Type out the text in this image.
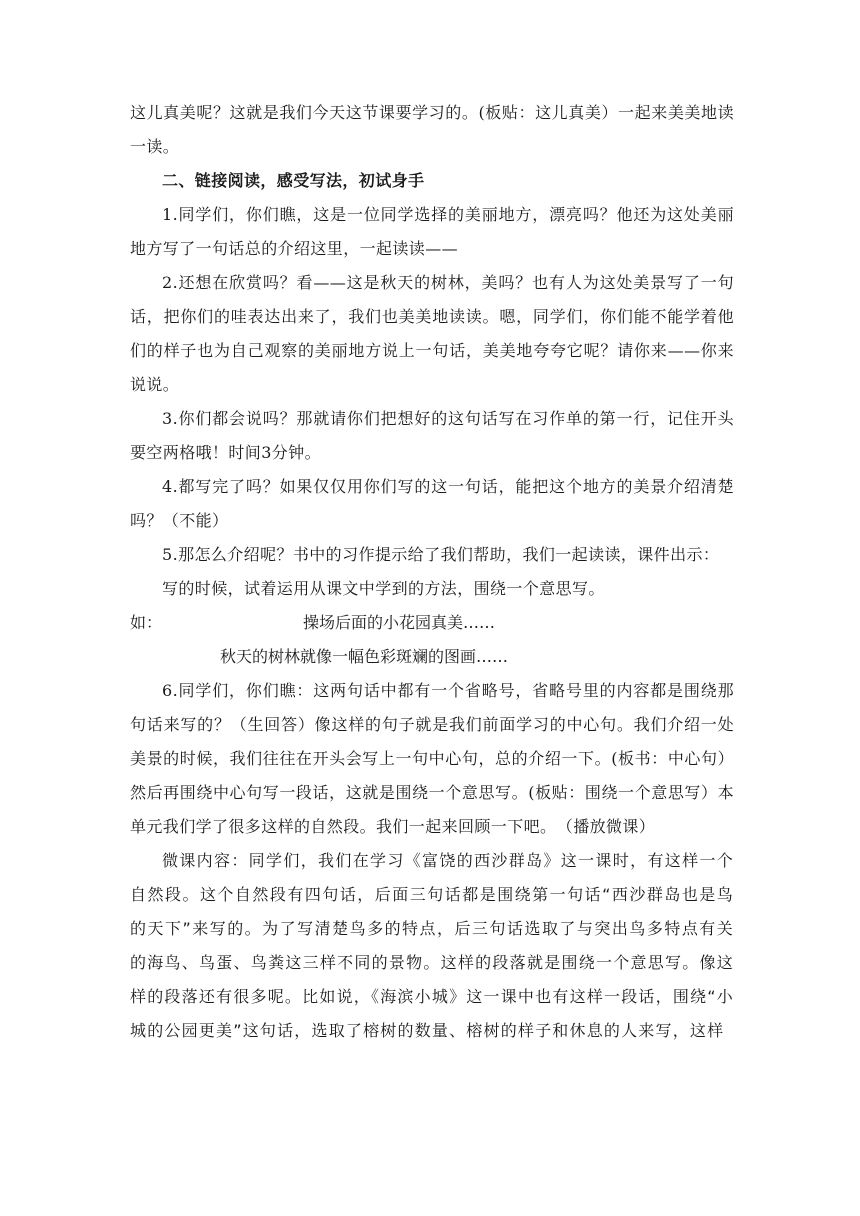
这儿真美呢？这就是我们今天这节课要学习的。(板贴：这儿真美）一起来美美地读一读。

二、链接阅读，感受写法，初试身手

1.同学们，你们瞧，这是一位同学选择的美丽地方，漂亮吗？他还为这处美丽地方写了一句话总的介绍这里，一起读读——

2.还想在欣赏吗？看——这是秋天的树林，美吗？也有人为这处美景写了一句话，把你们的哇表达出来了，我们也美美地读读。嗯，同学们，你们能不能学着他们的样子也为自己观察的美丽地方说上一句话，美美地夸夸它呢？请你来——你来说说。

3.你们都会说吗？那就请你们把想好的这句话写在习作单的第一行，记住开头要空两格哦！时间3分钟。

4.都写完了吗？如果仅仅用你们写的这一句话，能把这个地方的美景介绍清楚吗？（不能）

5.那怎么介绍呢？书中的习作提示给了我们帮助，我们一起读读，课件出示：

写的时候，试着运用从课文中学到的方法，围绕一个意思写。

如：	操场后面的小花园真美……
秋天的树林就像一幅色彩斑斓的图画……

6.同学们，你们瞧：这两句话中都有一个省略号，省略号里的内容都是围绕那句话来写的？（生回答）像这样的句子就是我们前面学习的中心句。我们介绍一处美景的时候，我们往往在开头会写上一句中心句，总的介绍一下。(板书：中心句）然后再围绕中心句写一段话，这就是围绕一个意思写。(板贴：围绕一个意思写）本单元我们学了很多这样的自然段。我们一起来回顾一下吧。　（播放微课）

微课内容：同学们，我们在学习《富饶的西沙群岛》这一课时，有这样一个自然段。这个自然段有四句话，后面三句话都是围绕第一句话“西沙群岛也是鸟的天下”来写的。为了写清楚鸟多的特点，后三句话选取了与突出鸟多特点有关的海鸟、鸟蛋、鸟粪这三样不同的景物。这样的段落就是围绕一个意思写。像这样的段落还有很多呢。比如说，《海滨小城》这一课中也有这样一段话，围绕“小城的公园更美”这句话，选取了榕树的数量、榕树的样子和休息的人来写，这样
